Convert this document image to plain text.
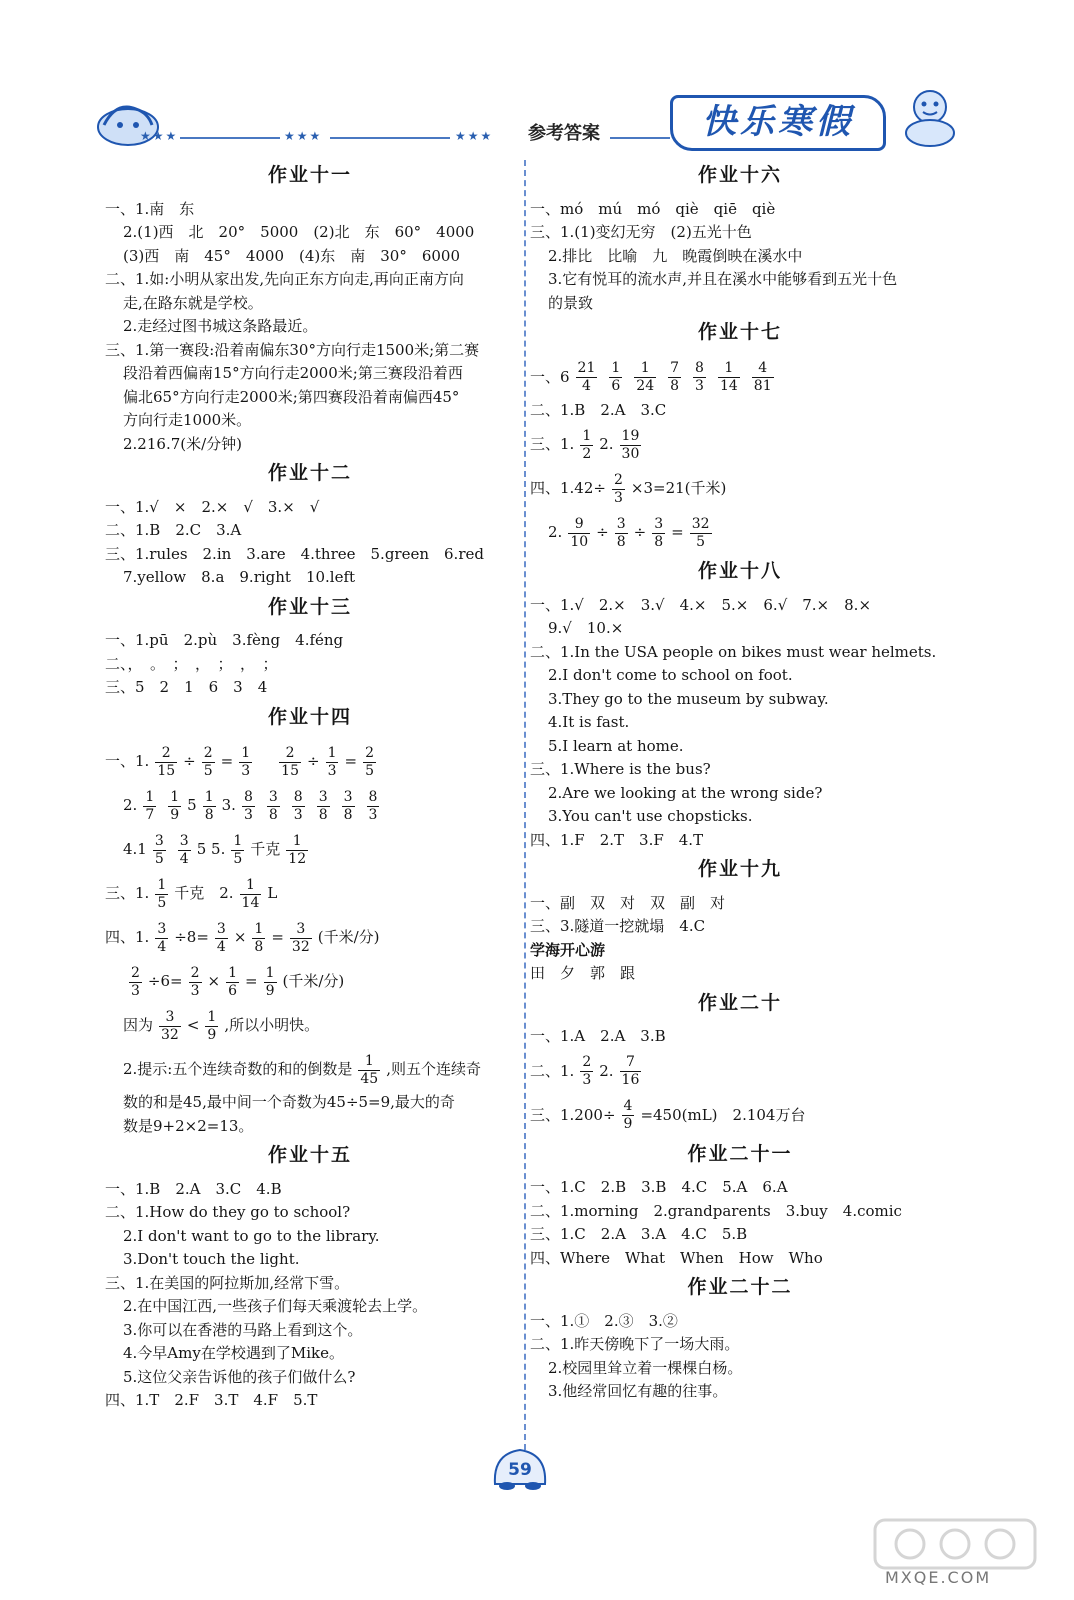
★★★	★★★	★★★ 参考答案	快乐寒假
作业十一
一、1.南　东
2.(1)西　北　20°　5000　(2)北　东　60°　4000
(3)西　南　45°　4000　(4)东　南　30°　6000
二、1.如:小明从家出发,先向正东方向走,再向正南方向
走,在路东就是学校。
2.走经过图书城这条路最近。
三、1.第一赛段:沿着南偏东30°方向行走1500米;第二赛
段沿着西偏南15°方向行走2000米;第三赛段沿着西
偏北65°方向行走2000米;第四赛段沿着南偏西45°
方向行走1000米。
2.216.7(米/分钟)
作业十二
一、1.√　×　2.×　√　3.×　√
二、1.B　2.C　3.A
三、1.rules　2.in　3.are　4.three　5.green　6.red
7.yellow　8.a　9.right　10.left
作业十三
一、1.pū　2.pù　3.fèng　4.féng
二、，　。　；　，　；　，　；
三、5　2　1　6　3　4
作业十四
一、1. $\frac{2}{15} \div \frac{2}{5} = \frac{1}{3}$
　 $\frac{2}{15} \div \frac{1}{3} = \frac{2}{5}$
2. $\frac{1}{7} \frac{1}{9} 5 \frac{1}{8} 3$. $\frac{8}{3} \frac{3}{8} \frac{8}{3} \frac{3}{8} \frac{3}{8} \frac{8}{3}$
$4.1 \frac{3}{5} \frac{3}{4} 5$ 5. $\frac{1}{5}$ 千克 $\frac{1}{12}$
三、1. $\frac{1}{5}$ 千克　2. $\frac{1}{14}$ L
四、1. $\frac{3}{4} \div 8= \frac{3}{4} \times \frac{1}{8} = \frac{3}{32}$ (千米/分)
$\frac{2}{3} \div 6= \frac{2}{3} \times \frac{1}{6} = \frac{1}{9}$ (千米/分)
因为 $\frac{3}{32} < \frac{1}{9}$ ,所以小明快。
2.提示:五个连续奇数的和的倒数是 $\frac{1}{45}$ ,则五个连续奇
数的和是45,最中间一个奇数为45÷5=9,最大的奇
数是9+2×2=13。
作业十五
一、1.B　2.A　3.C　4.B
二、1.How do they go to school?
2.I don't want to go to the library.
3.Don't touch the light.
三、1.在美国的阿拉斯加,经常下雪。
2.在中国江西,一些孩子们每天乘渡轮去上学。
3.你可以在香港的马路上看到这个。
4.今早Amy在学校遇到了Mike。
5.这位父亲告诉他的孩子们做什么?
四、1.T　2.F　3.T　4.F　5.T
作业十六
一、mó　mú　mó　qiè　qiē　qiè
三、1.(1)变幻无穷　(2)五光十色
2.排比　比喻　九　晚霞倒映在溪水中
3.它有悦耳的流水声,并且在溪水中能够看到五光十色
的景致
作业十七
一、$6 \frac{21}{4} \frac{1}{6} \frac{1}{24} \frac{7}{8} \frac{8}{3} \frac{1}{14} \frac{4}{81}$
二、1.B　2.A　3.C
三、1. $\frac{1}{2} 2$. $\frac{19}{30}$
四、$1.42\div \frac{2}{3} \times 3=21$(千米)
2. $\frac{9}{10} \div \frac{3}{8} \div \frac{3}{8} = \frac{32}{5}$
作业十八
一、1.√　2.×　3.√　4.×　5.×　6.√　7.×　8.×
9.√　10.×
二、1.In the USA people on bikes must wear helmets.
2.I don't come to school on foot.
3.They go to the museum by subway.
4.It is fast.
5.I learn at home.
三、1.Where is the bus?
2.Are we looking at the wrong side?
3.You can't use chopsticks.
四、1.F　2.T　3.F　4.T
作业十九
一、副　双　对　双　副　对
三、3.隧道一挖就塌　4.C
学海开心游
田　夕　郭　跟
作业二十
一、1.A　2.A　3.B
二、1. $\frac{2}{3} 2$. $\frac{7}{16}$
三、$1.200\div \frac{4}{9} =450(mL)$　2.104万台
作业二十一
一、1.C　2.B　3.B　4.C　5.A　6.A
二、1.morning　2.grandparents　3.buy　4.comic
三、1.C　2.A　3.A　4.C　5.B
四、Where　What　When　How　Who
作业二十二
一、1.①　2.③　3.②
二、1.昨天傍晚下了一场大雨。
2.校园里耸立着一棵棵白杨。
3.他经常回忆有趣的往事。
59
MXQE.COM
